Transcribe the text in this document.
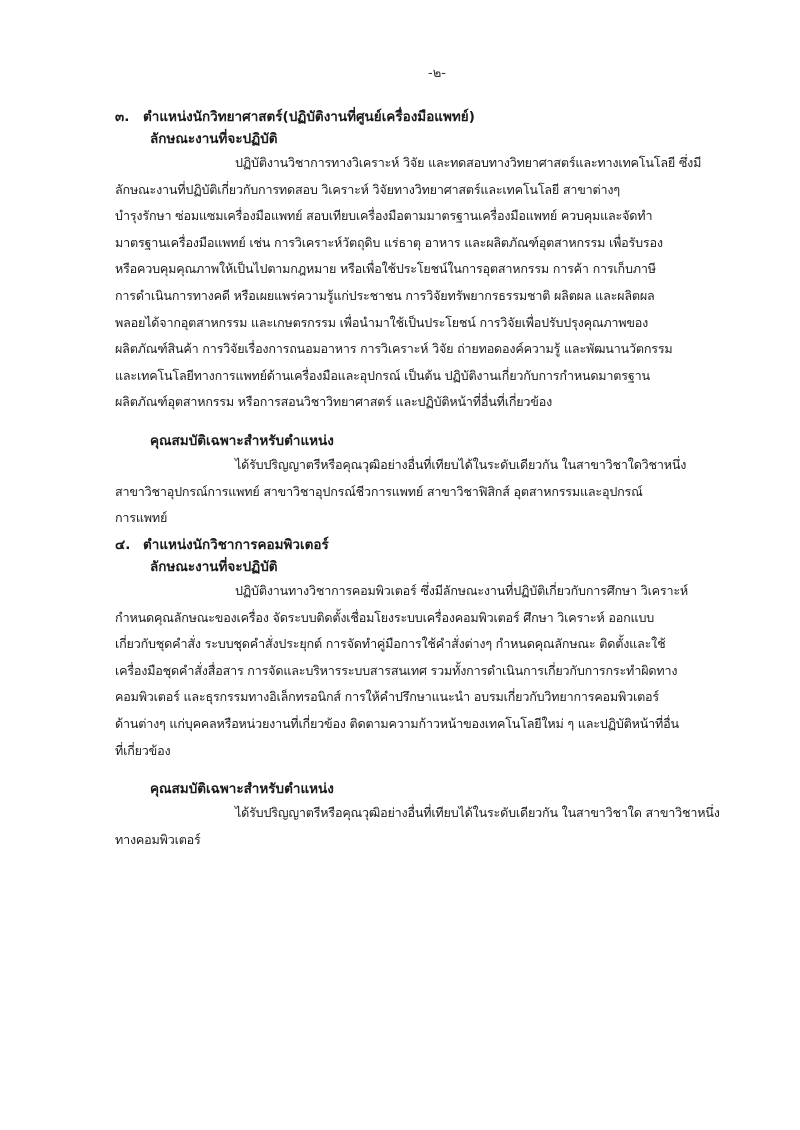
-๒-
๓. ตำแหน่งนักวิทยาศาสตร์(ปฏิบัติงานที่ศูนย์เครื่องมือแพทย์)
ลักษณะงานที่จะปฏิบัติ
ปฏิบัติงานวิชาการทางวิเคราะห์ วิจัย และทดสอบทางวิทยาศาสตร์และทางเทคโนโลยี ซึ่งมี
ลักษณะงานที่ปฏิบัติเกี่ยวกับการทดสอบ วิเคราะห์ วิจัยทางวิทยาศาสตร์และเทคโนโลยี สาขาต่างๆ
บำรุงรักษา ซ่อมแซมเครื่องมือแพทย์ สอบเทียบเครื่องมือตามมาตรฐานเครื่องมือแพทย์ ควบคุมและจัดทำ
มาตรฐานเครื่องมือแพทย์ เช่น การวิเคราะห์วัตถุดิบ แร่ธาตุ อาหาร และผลิตภัณฑ์อุตสาหกรรม เพื่อรับรอง
หรือควบคุมคุณภาพให้เป็นไปตามกฎหมาย หรือเพื่อใช้ประโยชน์ในการอุตสาหกรรม การค้า การเก็บภาษี
การดำเนินการทางคดี หรือเผยแพร่ความรู้แก่ประชาชน การวิจัยทรัพยากรธรรมชาติ ผลิตผล และผลิตผล
พลอยได้จากอุตสาหกรรม และเกษตรกรรม เพื่อนำมาใช้เป็นประโยชน์ การวิจัยเพื่อปรับปรุงคุณภาพของ
ผลิตภัณฑ์สินค้า การวิจัยเรื่องการถนอมอาหาร การวิเคราะห์ วิจัย ถ่ายทอดองค์ความรู้ และพัฒนานวัตกรรม
และเทคโนโลยีทางการแพทย์ด้านเครื่องมือและอุปกรณ์ เป็นต้น ปฏิบัติงานเกี่ยวกับการกำหนดมาตรฐาน
ผลิตภัณฑ์อุตสาหกรรม หรือการสอนวิชาวิทยาศาสตร์ และปฏิบัติหน้าที่อื่นที่เกี่ยวข้อง
คุณสมบัติเฉพาะสำหรับตำแหน่ง
ได้รับปริญญาตรีหรือคุณวุฒิอย่างอื่นที่เทียบได้ในระดับเดียวกัน ในสาขาวิชาใดวิชาหนึ่ง
สาขาวิชาอุปกรณ์การแพทย์ สาขาวิชาอุปกรณ์ชีวการแพทย์ สาขาวิชาฟิสิกส์ อุตสาหกรรมและอุปกรณ์
การแพทย์
๔. ตำแหน่งนักวิชาการคอมพิวเตอร์
ลักษณะงานที่จะปฏิบัติ
ปฏิบัติงานทางวิชาการคอมพิวเตอร์ ซึ่งมีลักษณะงานที่ปฏิบัติเกี่ยวกับการศึกษา วิเคราะห์
กำหนดคุณลักษณะของเครื่อง จัดระบบติดตั้งเชื่อมโยงระบบเครื่องคอมพิวเตอร์ ศึกษา วิเคราะห์ ออกแบบ
เกี่ยวกับชุดคำสั่ง ระบบชุดคำสั่งประยุกต์ การจัดทำคู่มือการใช้คำสั่งต่างๆ กำหนดคุณลักษณะ ติดตั้งและใช้
เครื่องมือชุดคำสั่งสื่อสาร การจัดและบริหารระบบสารสนเทศ รวมทั้งการดำเนินการเกี่ยวกับการกระทำผิดทาง
คอมพิวเตอร์ และธุรกรรมทางอิเล็กทรอนิกส์ การให้คำปรึกษาแนะนำ อบรมเกี่ยวกับวิทยาการคอมพิวเตอร์
ด้านต่างๆ แก่บุคคลหรือหน่วยงานที่เกี่ยวข้อง ติดตามความก้าวหน้าของเทคโนโลยีใหม่ ๆ และปฏิบัติหน้าที่อื่น
ที่เกี่ยวข้อง
คุณสมบัติเฉพาะสำหรับตำแหน่ง
ได้รับปริญญาตรีหรือคุณวุฒิอย่างอื่นที่เทียบได้ในระดับเดียวกัน ในสาขาวิชาใด สาขาวิชาหนึ่ง
ทางคอมพิวเตอร์
